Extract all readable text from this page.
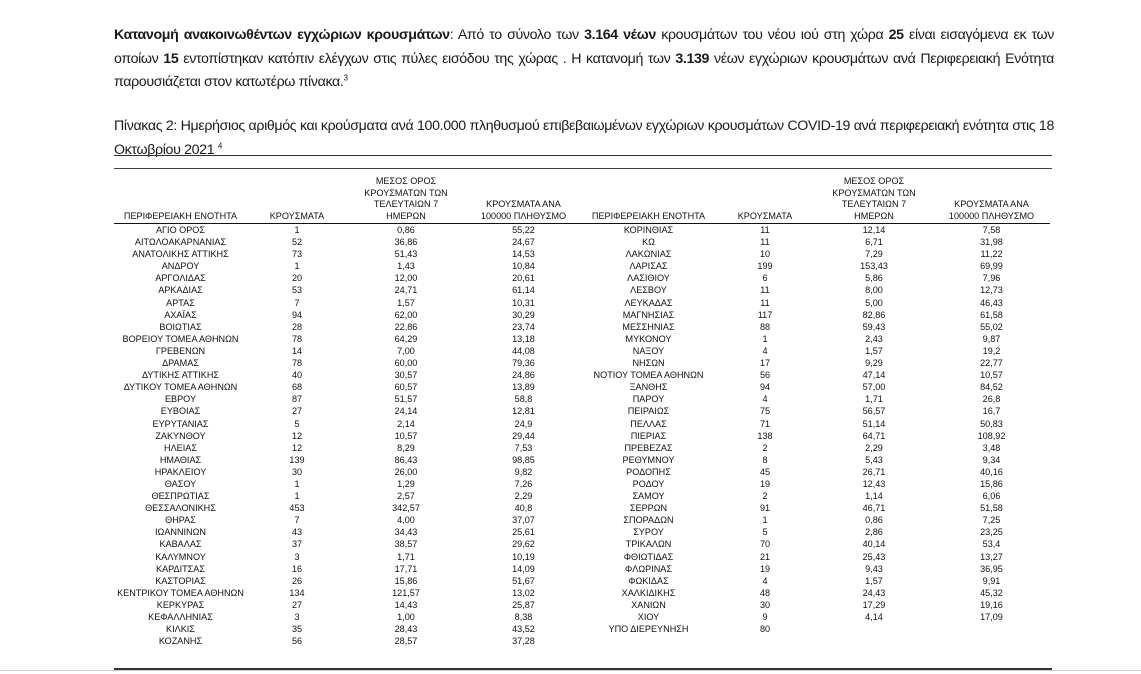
Κατανομή ανακοινωθέντων εγχώριων κρουσμάτων: Από το σύνολο των 3.164 νέων κρουσμάτων του νέου ιού στη χώρα 25 είναι εισαγόμενα εκ των οποίων 15 εντοπίστηκαν κατόπιν ελέγχων στις πύλες εισόδου της χώρας . Η κατανομή των 3.139 νέων εγχώριων κρουσμάτων ανά Περιφερειακή Ενότητα παρουσιάζεται στον κατωτέρω πίνακα.$^3$

Πίνακας 2: Ημερήσιος αριθμός και κρούσματα ανά 100.000 πληθυσμού επιβεβαιωμένων εγχώριων κρουσμάτων COVID-19 ανά περιφερειακή ενότητα στις 18 Οκτωβρίου 2021 $^4$

ΠΕΡΙΦΕΡΕΙΑΚΗ ΕΝΟΤΗΤΑ	ΚΡΟΥΣΜΑΤΑ	ΜΕΣΟΣ ΟΡΟΣ ΚΡΟΥΣΜΑΤΩΝ ΤΩΝ ΤΕΛΕΥΤΑΙΩΝ 7 ΗΜΕΡΩΝ	ΚΡΟΥΣΜΑΤΑ ΑΝΑ 100000 ΠΛΗΘΥΣΜΟ	ΠΕΡΙΦΕΡΕΙΑΚΗ ΕΝΟΤΗΤΑ	ΚΡΟΥΣΜΑΤΑ	ΜΕΣΟΣ ΟΡΟΣ ΚΡΟΥΣΜΑΤΩΝ ΤΩΝ ΤΕΛΕΥΤΑΙΩΝ 7 ΗΜΕΡΩΝ	ΚΡΟΥΣΜΑΤΑ ΑΝΑ 100000 ΠΛΗΘΥΣΜΟ
ΑΓΙΟ ΟΡΟΣ	1	0,86	55,22	ΚΟΡΙΝΘΙΑΣ	11	12,14	7,58
ΑΙΤΩΛΟΑΚΑΡΝΑΝΙΑΣ	52	36,86	24,67	ΚΩ	11	6,71	31,98
ΑΝΑΤΟΛΙΚΗΣ ΑΤΤΙΚΗΣ	73	51,43	14,53	ΛΑΚΩΝΙΑΣ	10	7,29	11,22
ΑΝΔΡΟΥ	1	1,43	10,84	ΛΑΡΙΣΑΣ	199	153,43	69,99
ΑΡΓΟΛΙΔΑΣ	20	12,00	20,61	ΛΑΣΙΘΙΟΥ	6	5,86	7,96
ΑΡΚΑΔΙΑΣ	53	24,71	61,14	ΛΕΣΒΟΥ	11	8,00	12,73
ΑΡΤΑΣ	7	1,57	10,31	ΛΕΥΚΑΔΑΣ	11	5,00	46,43
ΑΧΑΪΑΣ	94	62,00	30,29	ΜΑΓΝΗΣΙΑΣ	117	82,86	61,58
ΒΟΙΩΤΙΑΣ	28	22,86	23,74	ΜΕΣΣΗΝΙΑΣ	88	59,43	55,02
ΒΟΡΕΙΟΥ ΤΟΜΕΑ ΑΘΗΝΩΝ	78	64,29	13,18	ΜΥΚΟΝΟΥ	1	2,43	9,87
ΓΡΕΒΕΝΩΝ	14	7,00	44,08	ΝΑΞΟΥ	4	1,57	19,2
ΔΡΑΜΑΣ	78	60,00	79,36	ΝΗΣΩΝ	17	9,29	22,77
ΔΥΤΙΚΗΣ ΑΤΤΙΚΗΣ	40	30,57	24,86	ΝΟΤΙΟΥ ΤΟΜΕΑ ΑΘΗΝΩΝ	56	47,14	10,57
ΔΥΤΙΚΟΥ ΤΟΜΕΑ ΑΘΗΝΩΝ	68	60,57	13,89	ΞΑΝΘΗΣ	94	57,00	84,52
ΕΒΡΟΥ	87	51,57	58,8	ΠΑΡΟΥ	4	1,71	26,8
ΕΥΒΟΙΑΣ	27	24,14	12,81	ΠΕΙΡΑΙΩΣ	75	56,57	16,7
ΕΥΡΥΤΑΝΙΑΣ	5	2,14	24,9	ΠΕΛΛΑΣ	71	51,14	50,83
ΖΑΚΥΝΘΟΥ	12	10,57	29,44	ΠΙΕΡΙΑΣ	138	64,71	108,92
ΗΛΕΙΑΣ	12	8,29	7,53	ΠΡΕΒΕΖΑΣ	2	2,29	3,48
ΗΜΑΘΙΑΣ	139	86,43	98,85	ΡΕΘΥΜΝΟΥ	8	5,43	9,34
ΗΡΑΚΛΕΙΟΥ	30	26,00	9,82	ΡΟΔΟΠΗΣ	45	26,71	40,16
ΘΑΣΟΥ	1	1,29	7,26	ΡΟΔΟΥ	19	12,43	15,86
ΘΕΣΠΡΩΤΙΑΣ	1	2,57	2,29	ΣΑΜΟΥ	2	1,14	6,06
ΘΕΣΣΑΛΟΝΙΚΗΣ	453	342,57	40,8	ΣΕΡΡΩΝ	91	46,71	51,58
ΘΗΡΑΣ	7	4,00	37,07	ΣΠΟΡΑΔΩΝ	1	0,86	7,25
ΙΩΑΝΝΙΝΩΝ	43	34,43	25,61	ΣΥΡΟΥ	5	2,86	23,25
ΚΑΒΑΛΑΣ	37	38,57	29,62	ΤΡΙΚΑΛΩΝ	70	40,14	53,4
ΚΑΛΥΜΝΟΥ	3	1,71	10,19	ΦΘΙΩΤΙΔΑΣ	21	25,43	13,27
ΚΑΡΔΙΤΣΑΣ	16	17,71	14,09	ΦΛΩΡΙΝΑΣ	19	9,43	36,95
ΚΑΣΤΟΡΙΑΣ	26	15,86	51,67	ΦΩΚΙΔΑΣ	4	1,57	9,91
ΚΕΝΤΡΙΚΟΥ ΤΟΜΕΑ ΑΘΗΝΩΝ	134	121,57	13,02	ΧΑΛΚΙΔΙΚΗΣ	48	24,43	45,32
ΚΕΡΚΥΡΑΣ	27	14,43	25,87	ΧΑΝΙΩΝ	30	17,29	19,16
ΚΕΦΑΛΛΗΝΙΑΣ	3	1,00	8,38	ΧΙΟΥ	9	4,14	17,09
ΚΙΛΚΙΣ	35	28,43	43,52	ΥΠΟ ΔΙΕΡΕΥΝΗΣΗ	80		
ΚΟΖΑΝΗΣ	56	28,57	37,28				
